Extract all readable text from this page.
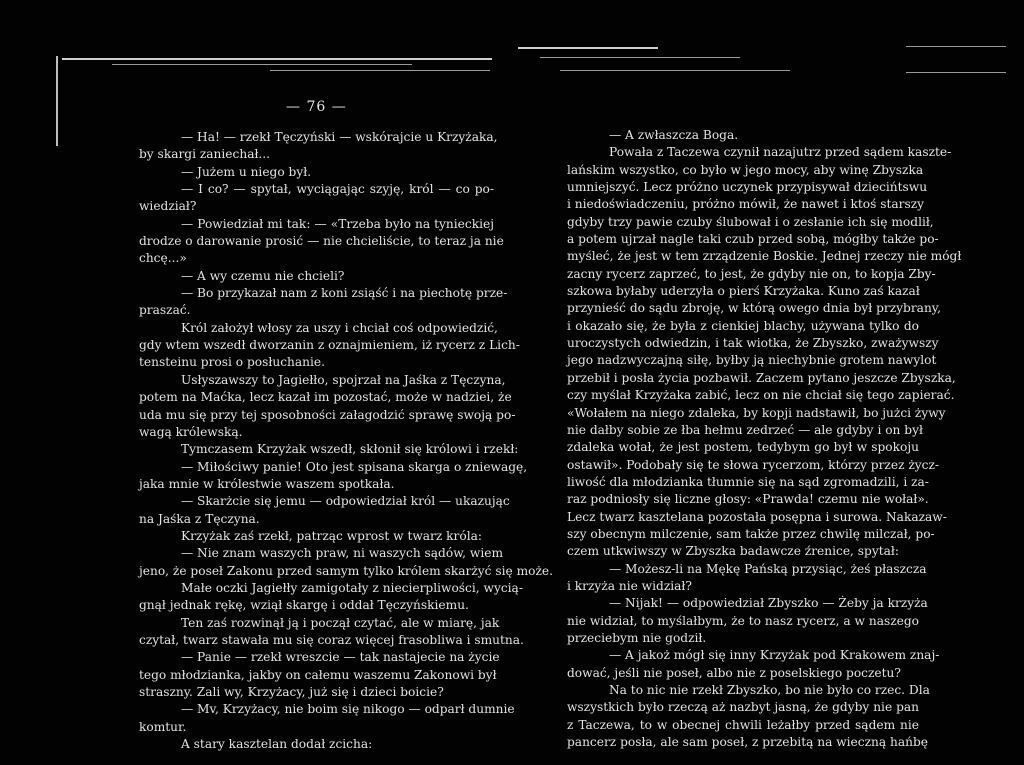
— 76 —
— Ha! — rzekł Tęczyński — wskórajcie u Krzyżaka,
by skargi zaniechał...
— Jużem u niego był.
— I co? — spytał, wyciągając szyję, król — co po-
wiedział?
— Powiedział mi tak: — «Trzeba było na tynieckiej
drodze o darowanie prosić — nie chcieliście, to teraz ja nie
chcę...»
— A wy czemu nie chcieli?
— Bo przykazał nam z koni zsiąść i na piechotę prze-
praszać.
Król założył włosy za uszy i chciał coś odpowiedzić,
gdy wtem wszedł dworzanin z oznajmieniem, iż rycerz z Lich-
tensteinu prosi o posłuchanie.
Usłyszawszy to Jagiełło, spojrzał na Jaśka z Tęczyna,
potem na Maćka, lecz kazał im pozostać, może w nadziei, że
uda mu się przy tej sposobności załagodzić sprawę swoją po-
wagą królewską.
Tymczasem Krzyżak wszedł, skłonił się królowi i rzekł:
— Miłościwy panie! Oto jest spisana skarga o zniewagę,
jaka mnie w królestwie waszem spotkała.
— Skarżcie się jemu — odpowiedział król — ukazując
na Jaśka z Tęczyna.
Krzyżak zaś rzekł, patrząc wprost w twarz króla:
— Nie znam waszych praw, ni waszych sądów, wiem
jeno, że poseł Zakonu przed samym tylko królem skarżyć się może.
Małe oczki Jagiełły zamigotały z niecierpliwości, wycią-
gnął jednak rękę, wziął skargę i oddał Tęczyńskiemu.
Ten zaś rozwinął ją i począł czytać, ale w miarę, jak
czytał, twarz stawała mu się coraz więcej frasobliwa i smutna.
— Panie — rzekł wreszcie — tak nastajecie na życie
tego młodzianka, jakby on całemu waszemu Zakonowi był
straszny. Zali wy, Krzyżacy, już się i dzieci boicie?
— Mv, Krzyżacy, nie boim się nikogo — odparł dumnie
komtur.
A stary kasztelan dodał zcicha:
— A zwłaszcza Boga.
Powała z Taczewa czynił nazajutrz przed sądem kaszte-
lańskim wszystko, co było w jego mocy, aby winę Zbyszka
umniejszyć. Lecz próżno uczynek przypisywał dziecińtswu
i niedoświadczeniu, próżno mówił, że nawet i ktoś starszy
gdyby trzy pawie czuby ślubował i o zesłanie ich się modlił,
a potem ujrzał nagle taki czub przed sobą, mógłby także po-
myśleć, że jest w tem zrządzenie Boskie. Jednej rzeczy nie mógł
zacny rycerz zaprzeć, to jest, że gdyby nie on, to kopja Zby-
szkowa byłaby uderzyła o pierś Krzyżaka. Kuno zaś kazał
przynieść do sądu zbroję, w którą owego dnia był przybrany,
i okazało się, że była z cienkiej blachy, używana tylko do
uroczystych odwiedzin, i tak wiotka, że Zbyszko, zważywszy
jego nadzwyczajną siłę, byłby ją niechybnie grotem nawylot
przebił i posła życia pozbawił. Zaczem pytano jeszcze Zbyszka,
czy myślał Krzyżaka zabić, lecz on nie chciał się tego zapierać.
«Wołałem na niego zdaleka, by kopji nadstawił, bo jużci żywy
nie dałby sobie ze łba hełmu zedrzeć — ale gdyby i on był
zdaleka wołał, że jest postem, tedybym go był w spokoju
ostawił». Podobały się te słowa rycerzom, którzy przez życz-
liwość dla młodzianka tłumnie się na sąd zgromadzili, i za-
raz podniosły się liczne głosy: «Prawda! czemu nie wołał».
Lecz twarz kasztelana pozostała posępna i surowa. Nakazaw-
szy obecnym milczenie, sam także przez chwilę milczał, po-
czem utkwiwszy w Zbyszka badawcze źrenice, spytał:
— Możesz-li na Mękę Pańską przysiąc, żeś płaszcza
i krzyża nie widział?
— Nijak! — odpowiedział Zbyszko — Żeby ja krzyża
nie widział, to myślałbym, że to nasz rycerz, a w naszego
przeciebym nie godził.
— A jakoż mógł się inny Krzyżak pod Krakowem znaj-
dować, jeśli nie poseł, albo nie z poselskiego poczetu?
Na to nic nie rzekł Zbyszko, bo nie było co rzec. Dla
wszystkich było rzeczą aż nazbyt jasną, że gdyby nie pan
z Taczewa, to w obecnej chwili leżałby przed sądem nie
pancerz posła, ale sam poseł, z przebitą na wieczną hańbę
